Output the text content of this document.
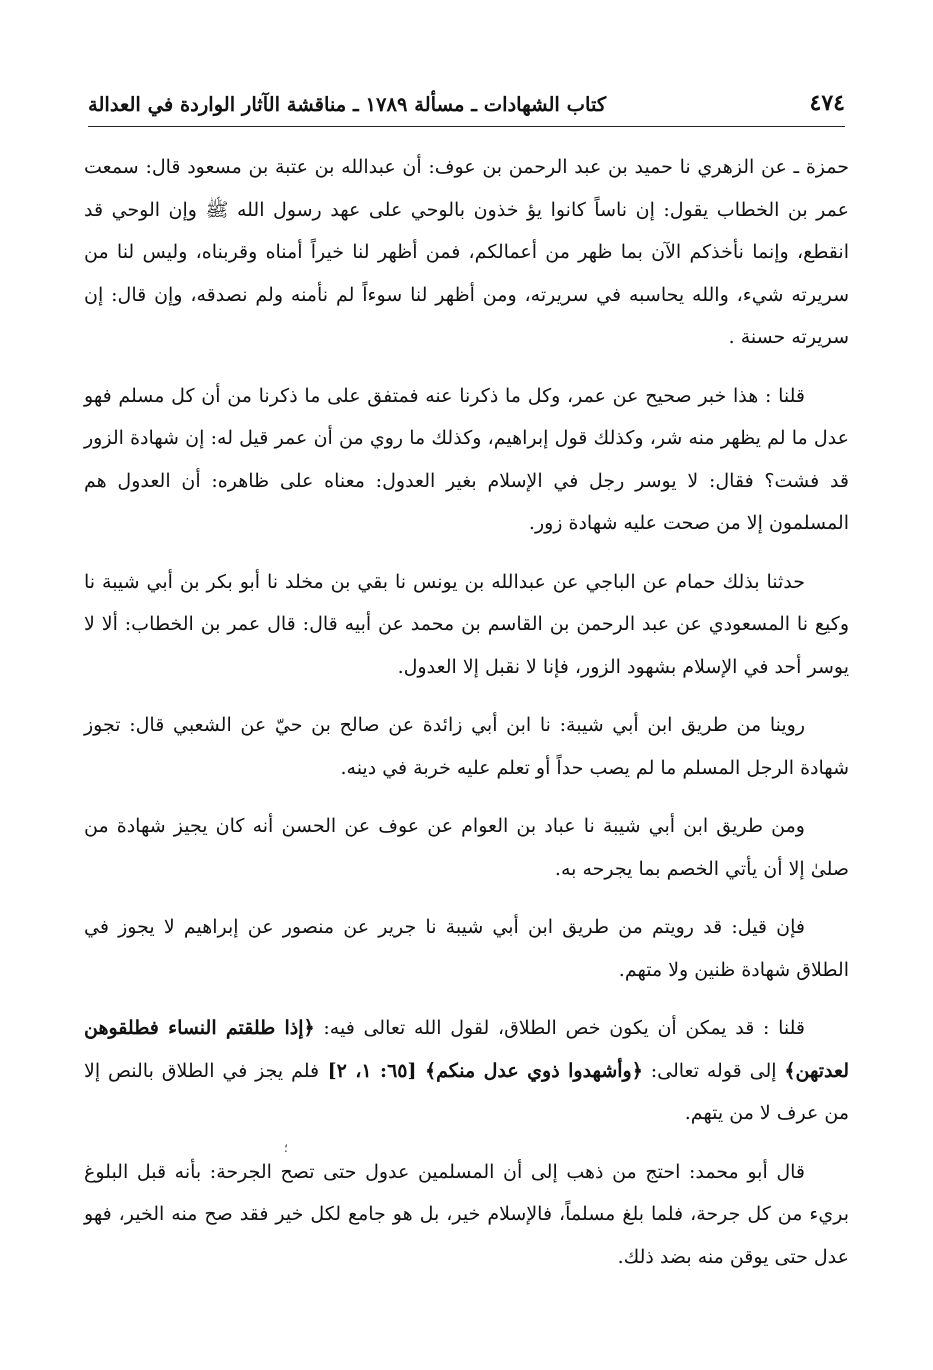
٤٧٤
كتاب الشهادات ـ مسألة ١٧٨٩ ـ مناقشة الآثار الواردة في العدالة

حمزة ـ عن الزهري نا حميد بن عبد الرحمن بن عوف: أن عبدالله بن عتبة بن مسعود قال: سمعت عمر بن الخطاب يقول: إن ناساً كانوا يؤ خذون بالوحي على عهد رسول الله ﷺ وإن الوحي قد انقطع، وإنما نأخذكم الآن بما ظهر من أعمالكم، فمن أظهر لنا خيراً أمناه وقربناه، وليس لنا من سريرته شيء، والله يحاسبه في سريرته، ومن أظهر لنا سوءاً لم نأمنه ولم نصدقه، وإن قال: إن سريرته حسنة .

قلنا : هذا خبر صحيح عن عمر، وكل ما ذكرنا عنه فمتفق على ما ذكرنا من أن كل مسلم فهو عدل ما لم يظهر منه شر، وكذلك قول إبراهيم، وكذلك ما روي من أن عمر قيل له: إن شهادة الزور قد فشت؟ فقال: لا يوسر رجل في الإسلام بغير العدول: معناه على ظاهره: أن العدول هم المسلمون إلا من صحت عليه شهادة زور.

حدثنا بذلك حمام عن الباجي عن عبدالله بن يونس نا بقي بن مخلد نا أبو بكر بن أبي شيبة نا وكيع نا المسعودي عن عبد الرحمن بن القاسم بن محمد عن أبيه قال: قال عمر بن الخطاب: ألا لا يوسر أحد في الإسلام بشهود الزور، فإنا لا نقبل إلا العدول.

روينا من طريق ابن أبي شيبة: نا ابن أبي زائدة عن صالح بن حيّ عن الشعبي قال: تجوز شهادة الرجل المسلم ما لم يصب حداً أو تعلم عليه خربة في دينه.

ومن طريق ابن أبي شيبة نا عباد بن العوام عن عوف عن الحسن أنه كان يجيز شهادة من صلىٰ إلا أن يأتي الخصم بما يجرحه به.

فإن قيل: قد رويتم من طريق ابن أبي شيبة نا جرير عن منصور عن إبراهيم لا يجوز في الطلاق شهادة ظنين ولا متهم.

قلنا : قد يمكن أن يكون خص الطلاق، لقول الله تعالى فيه: ﴿إذا طلقتم النساء فطلقوهن لعدتهن﴾ إلى قوله تعالى: ﴿وأشهدوا ذوي عدل منكم﴾ [٦٥: ١، ٢] فلم يجز في الطلاق بالنص إلا من عرف لا من يتهم.

قال أبو محمد: احتج من ذهب إلى أن المسلمين عدول حتى تصح الجرحة: بأنه قبل البلوغ بريء من كل جرحة، فلما بلغ مسلماً، فالإسلام خير، بل هو جامع لكل خير فقد صح منه الخير، فهو عدل حتى يوقن منه بضد ذلك.

؛
